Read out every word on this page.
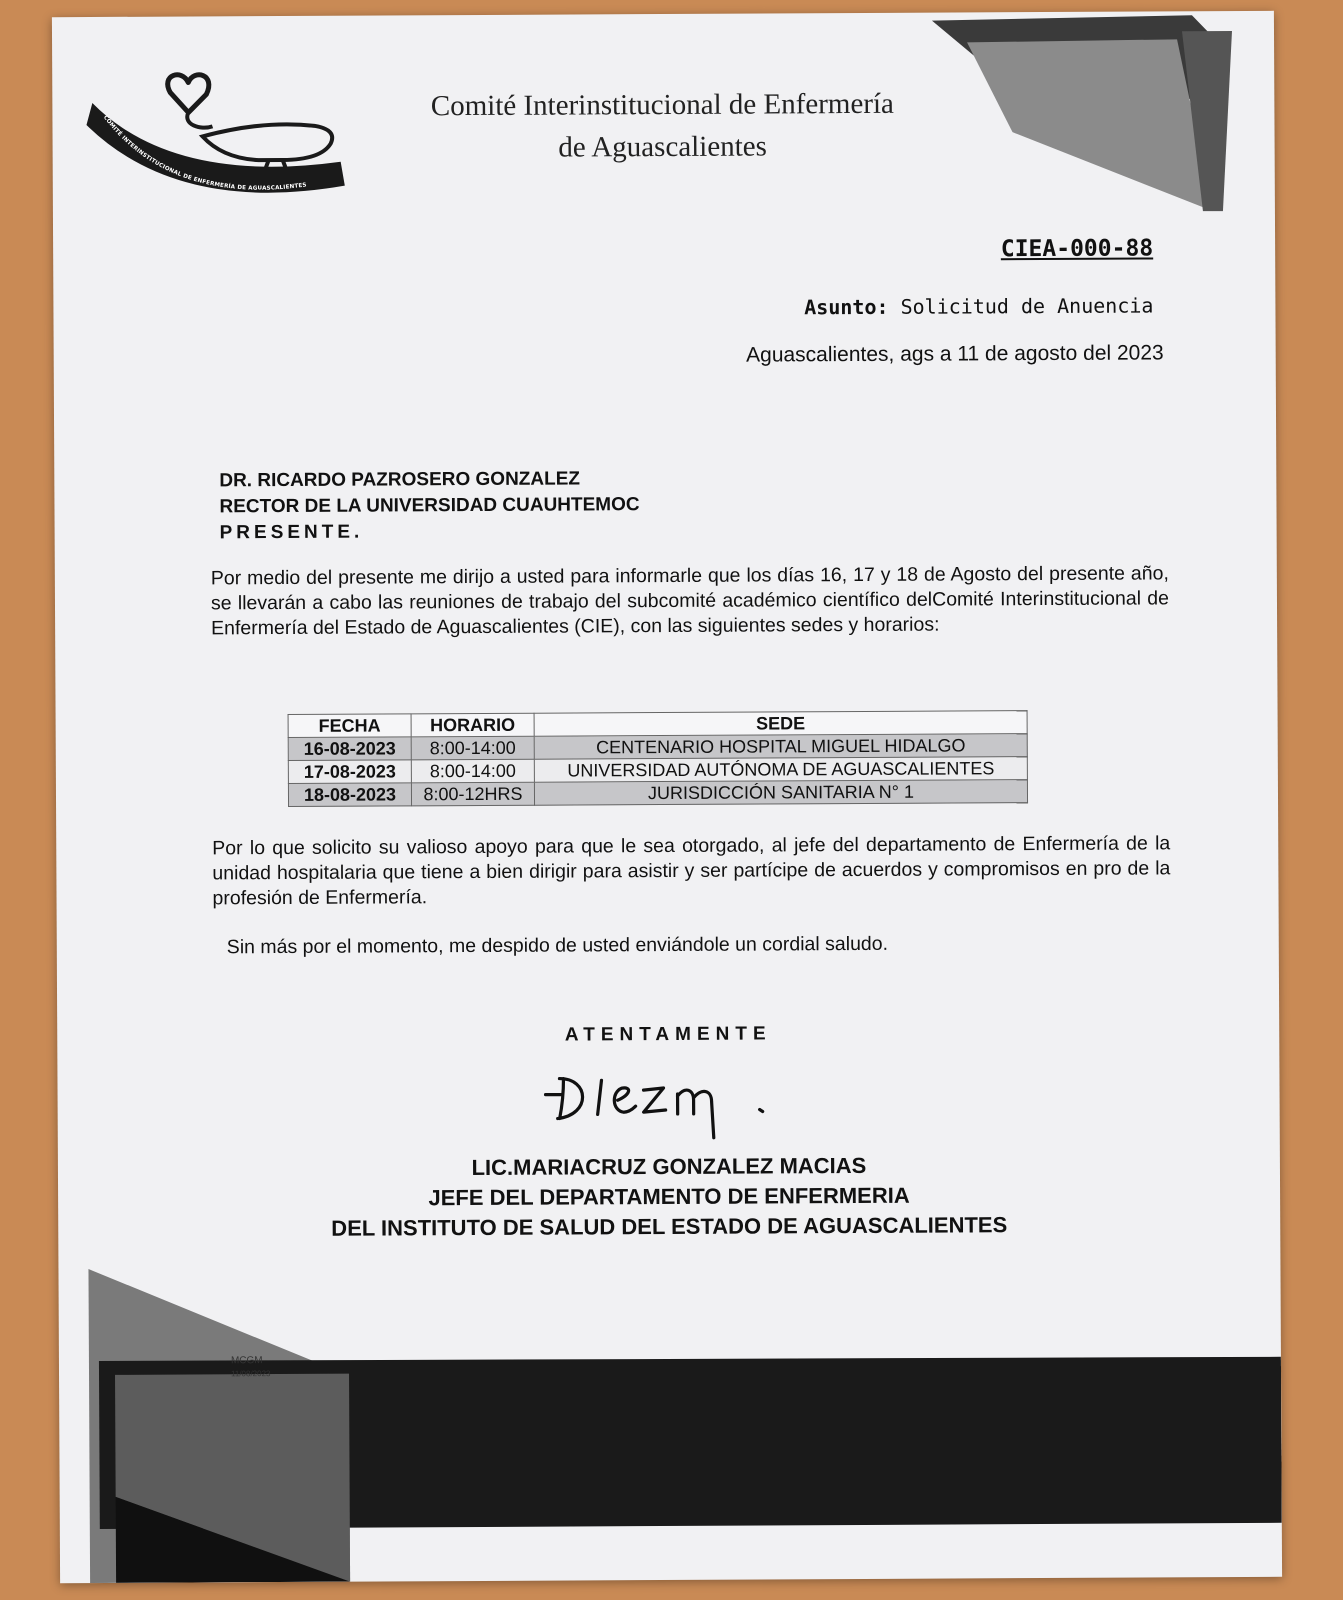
COMITÉ INTERINSTITUCIONAL DE ENFERMERÍA DE AGUASCALIENTES
Comité Interinstitucional de Enfermería
de Aguascalientes
CIEA-000-88
Asunto: Solicitud de Anuencia
Aguascalientes, ags a 11 de agosto del 2023
DR. RICARDO PAZROSERO GONZALEZ
RECTOR DE LA UNIVERSIDAD CUAUHTEMOC
PRESENTE.
Por medio del presente me dirijo a usted para informarle que los días 16, 17 y 18 de Agosto del presente año, se llevarán a cabo las reuniones de trabajo del subcomité académico científico delComité Interinstitucional de Enfermería del Estado de Aguascalientes (CIE), con las siguientes sedes y horarios:
FECHA	HORARIO	SEDE
16-08-2023	8:00-14:00	CENTENARIO HOSPITAL MIGUEL HIDALGO
17-08-2023	8:00-14:00	UNIVERSIDAD AUTÓNOMA DE AGUASCALIENTES
18-08-2023	8:00-12HRS	JURISDICCIÓN SANITARIA N° 1
Por lo que solicito su valioso apoyo para que le sea otorgado, al jefe del departamento de Enfermería de la unidad hospitalaria que tiene a bien dirigir para asistir y ser partícipe de acuerdos y compromisos en pro de la profesión de Enfermería.
Sin más por el momento, me despido de usted enviándole un cordial saludo.
ATENTAMENTE
LIC.MARIACRUZ GONZALEZ MACIAS
JEFE DEL DEPARTAMENTO DE ENFERMERIA
DEL INSTITUTO DE SALUD DEL ESTADO DE AGUASCALIENTES
MCGM
11/08/2023
